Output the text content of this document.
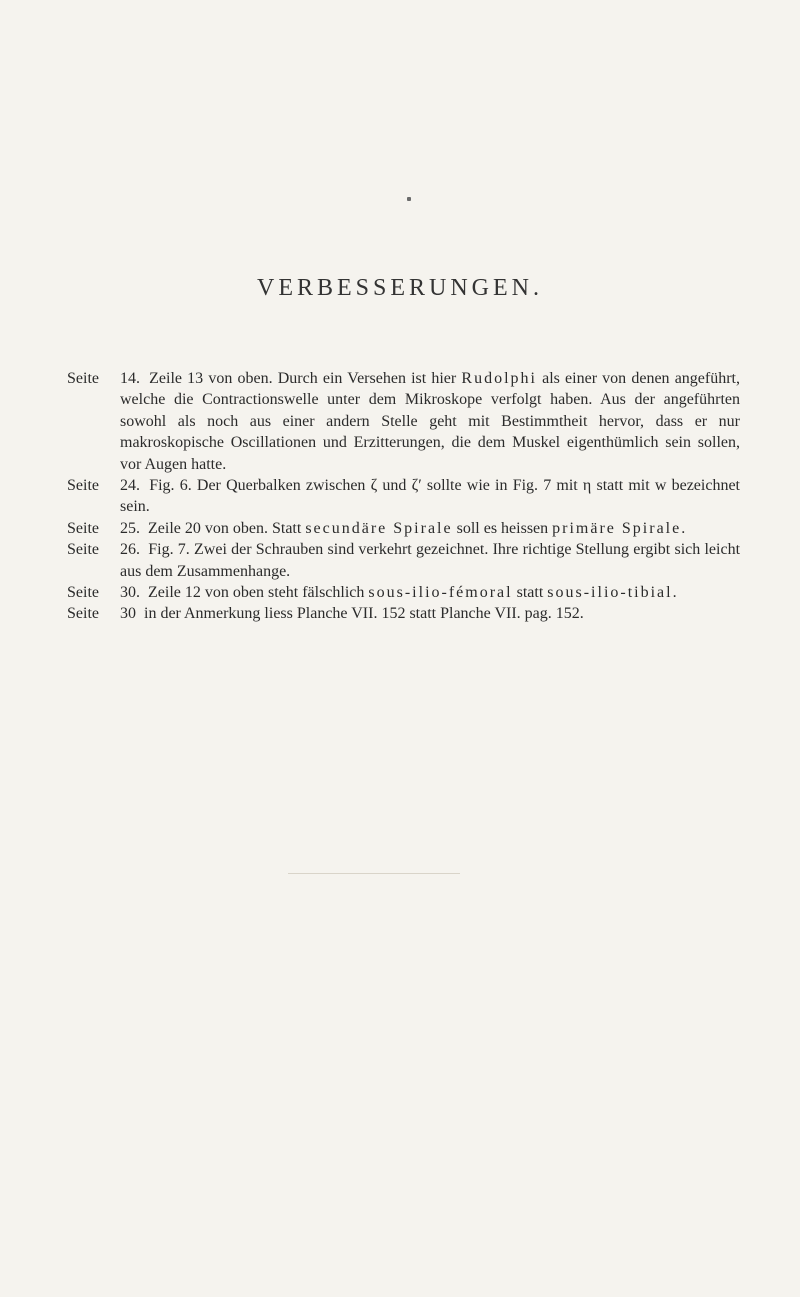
VERBESSERUNGEN.
Seite	14. Zeile 13 von oben. Durch ein Versehen ist hier Rudolphi als einer von denen angeführt, welche die Contractionswelle unter dem Mikroskope verfolgt haben. Aus der angeführten sowohl als noch aus einer andern Stelle geht mit Bestimmtheit hervor, dass er nur makroskopische Oscillationen und Erzitterungen, die dem Muskel eigenthümlich sein sollen, vor Augen hatte.
Seite	24. Fig. 6. Der Querbalken zwischen ζ und ζ′ sollte wie in Fig. 7 mit η statt mit w bezeichnet sein.
Seite	25. Zeile 20 von oben. Statt secundäre Spirale soll es heissen primäre Spirale.
Seite	26. Fig. 7. Zwei der Schrauben sind verkehrt gezeichnet. Ihre richtige Stellung ergibt sich leicht aus dem Zusammenhange.
Seite	30. Zeile 12 von oben steht fälschlich sous-ilio-fémoral statt sous-ilio-tibial.
Seite	30 in der Anmerkung liess Planche VII. 152 statt Planche VII. pag. 152.
